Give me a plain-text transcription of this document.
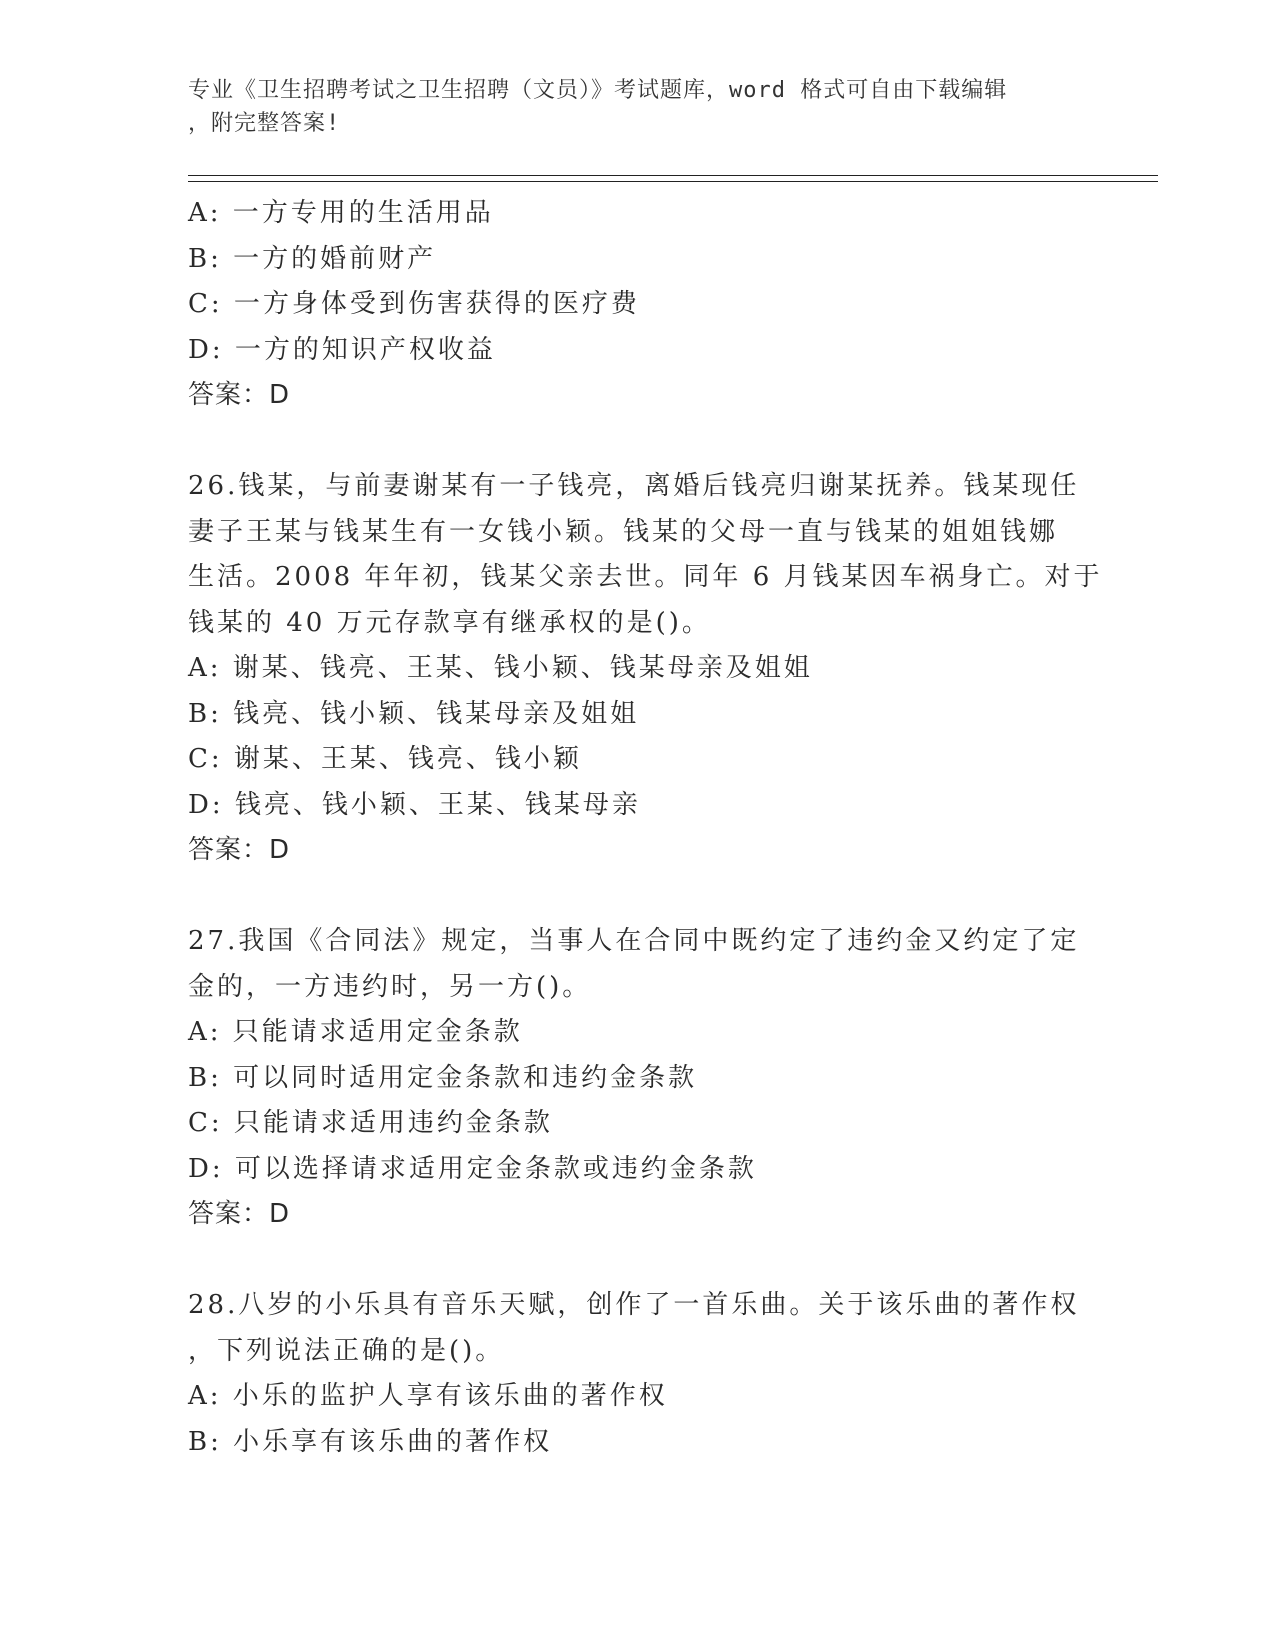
专业《卫生招聘考试之卫生招聘（文员）》考试题库，word 格式可自由下载编辑
，附完整答案!
A: 一方专用的生活用品
B: 一方的婚前财产
C: 一方身体受到伤害获得的医疗费
D: 一方的知识产权收益
答案：D
26.钱某，与前妻谢某有一子钱亮，离婚后钱亮归谢某抚养。钱某现任
妻子王某与钱某生有一女钱小颖。钱某的父母一直与钱某的姐姐钱娜
生活。2008 年年初，钱某父亲去世。同年 6 月钱某因车祸身亡。对于
钱某的 40 万元存款享有继承权的是()。
A: 谢某、钱亮、王某、钱小颖、钱某母亲及姐姐
B: 钱亮、钱小颖、钱某母亲及姐姐
C: 谢某、王某、钱亮、钱小颖
D: 钱亮、钱小颖、王某、钱某母亲
答案：D
27.我国《合同法》规定，当事人在合同中既约定了违约金又约定了定
金的，一方违约时，另一方()。
A: 只能请求适用定金条款
B: 可以同时适用定金条款和违约金条款
C: 只能请求适用违约金条款
D: 可以选择请求适用定金条款或违约金条款
答案：D
28.八岁的小乐具有音乐天赋，创作了一首乐曲。关于该乐曲的著作权
，下列说法正确的是()。
A: 小乐的监护人享有该乐曲的著作权
B: 小乐享有该乐曲的著作权
